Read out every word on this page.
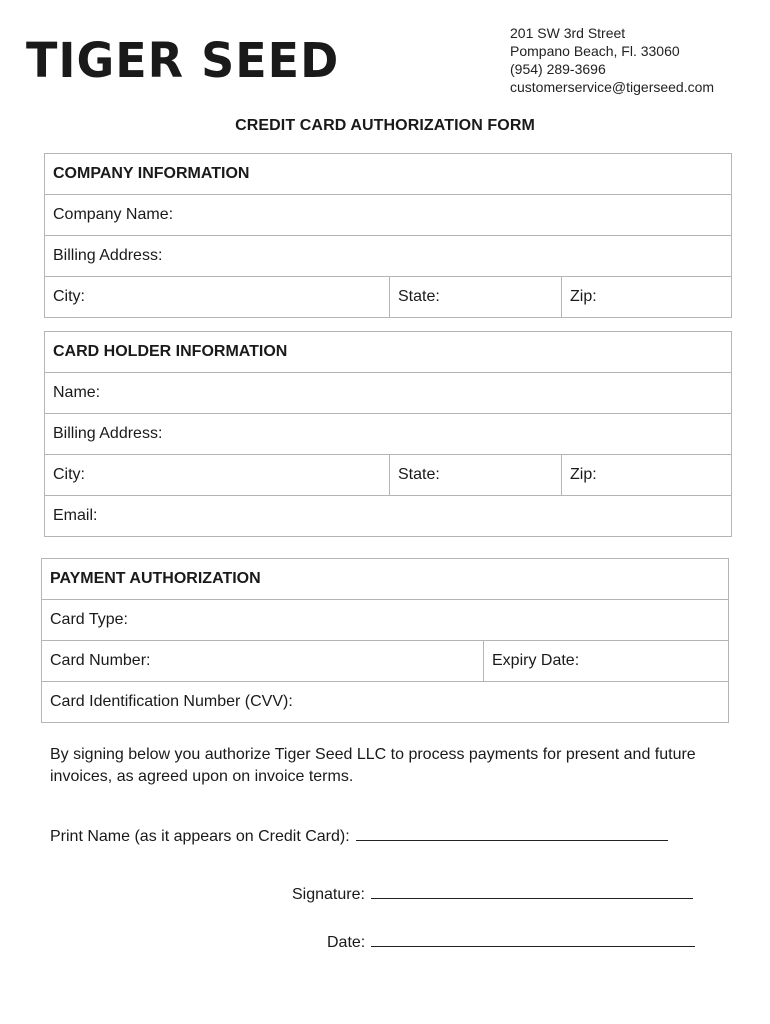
TIGER SEED	201 SW 3rd Street
Pompano Beach, Fl. 33060
(954) 289-3696
customerservice@tigerseed.com
CREDIT CARD AUTHORIZATION FORM
COMPANY INFORMATION
Company Name:
Billing Address:
City:	State:	Zip:
CARD HOLDER INFORMATION
Name:
Billing Address:
City:	State:	Zip:
Email:
PAYMENT AUTHORIZATION
Card Type:
Card Number:	Expiry Date:
Card Identification Number (CVV):
By signing below you authorize Tiger Seed LLC to process payments for present and future invoices, as agreed upon on invoice terms.
Print Name (as it appears on Credit Card):
Signature:
Date:
